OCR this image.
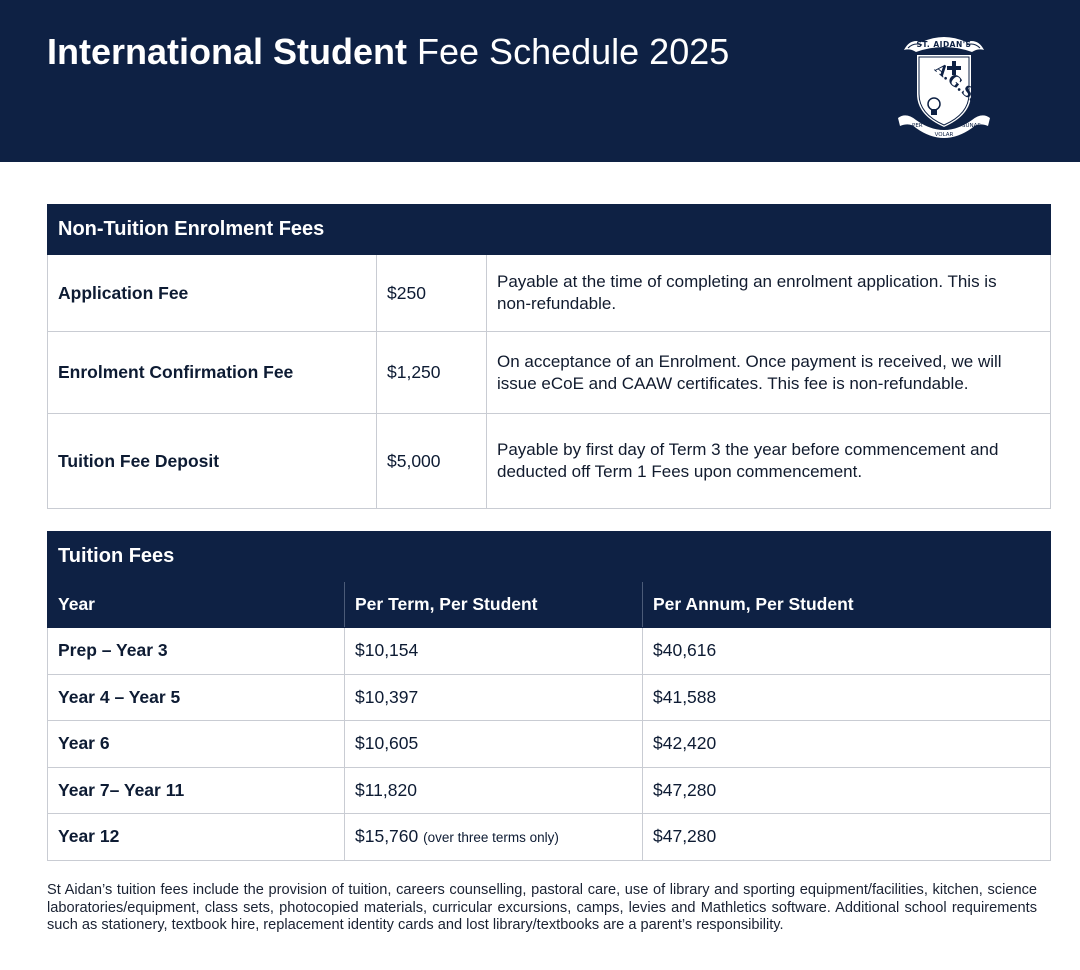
International Student Fee Schedule 2025	ST. AIDAN'S
A.G.S.
PER
VOLAR
SUNAS
Non-Tuition Enrolment Fees		
Application Fee	$250	Payable at the time of completing an enrolment application. This is
non-refundable.
Enrolment Confirmation Fee	$1,250	On acceptance of an Enrolment. Once payment is received, we will
issue eCoE and CAAW certificates. This fee is non-refundable.
Tuition Fee Deposit	$5,000	Payable by first day of Term 3 the year before commencement and
deducted off Term 1 Fees upon commencement.
Tuition Fees		
Year	Per Term, Per Student	Per Annum, Per Student
Prep – Year 3	$10,154	$40,616
Year 4 – Year 5	$10,397	$41,588
Year 6	$10,605	$42,420
Year 7– Year 11	$11,820	$47,280
Year 12	$15,760 (over three terms only)	$47,280

St Aidan’s tuition fees include the provision of tuition, careers counselling, pastoral care, use of library and sporting equipment/facilities, kitchen, science laboratories/equipment, class sets, photocopied materials, curricular excursions, camps, levies and Mathletics software. Additional school requirements such as stationery, textbook hire, replacement identity cards and lost library/textbooks are a parent’s responsibility.
